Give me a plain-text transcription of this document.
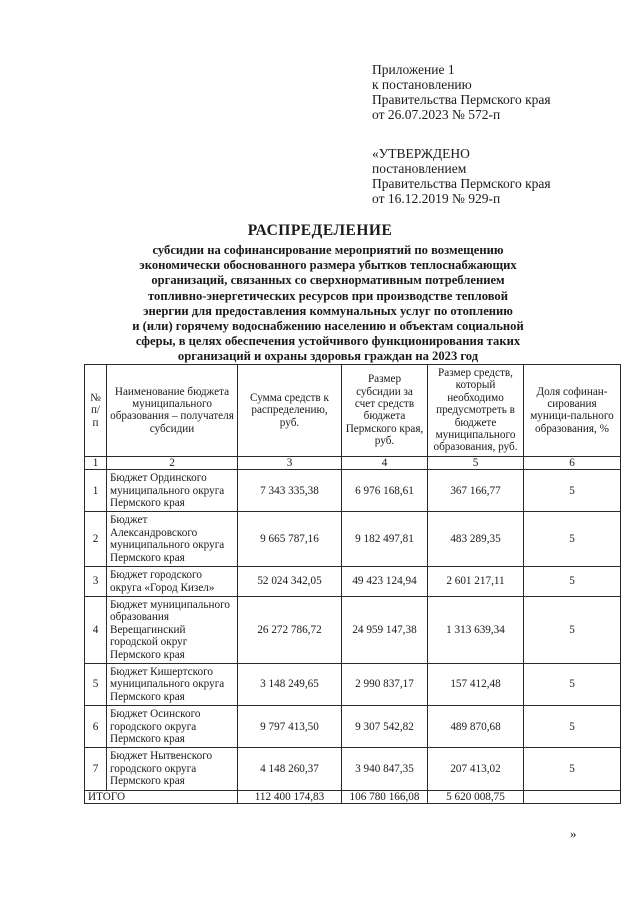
Приложение 1
к постановлению
Правительства Пермского края
от 26.07.2023 № 572-п
«УТВЕРЖДЕНО
постановлением
Правительства Пермского края
от 16.12.2019 № 929-п
РАСПРЕДЕЛЕНИЕ
субсидии на софинансирование мероприятий по возмещению
экономически обоснованного размера убытков теплоснабжающих
организаций, связанных со сверхнормативным потреблением
топливно-энергетических ресурсов при производстве тепловой
энергии для предоставления коммунальных услуг по отоплению
и (или) горячему водоснабжению населению и объектам социальной
сферы, в целях обеспечения устойчивого функционирования таких
организаций и охраны здоровья граждан на 2023 год
№ п/п	Наименование бюджета муниципального образования – получателя субсидии	Сумма средств к распределению, руб.	Размер субсидии за счет средств бюджета Пермского края, руб.	Размер средств, который необходимо предусмотреть в бюджете муниципального образования, руб.	Доля софинан-сирования муници-пального образования, %
1	2	3	4	5	6
1	Бюджет Ординского муниципального округа Пермского края	7 343 335,38	6 976 168,61	367 166,77	5
2	Бюджет Александровского муниципального округа Пермского края	9 665 787,16	9 182 497,81	483 289,35	5
3	Бюджет городского округа «Город Кизел»	52 024 342,05	49 423 124,94	2 601 217,11	5
4	Бюджет муниципального образования Верещагинский городской округ Пермского края	26 272 786,72	24 959 147,38	1 313 639,34	5
5	Бюджет Кишертского муниципального округа Пермского края	3 148 249,65	2 990 837,17	157 412,48	5
6	Бюджет Осинского городского округа Пермского края	9 797 413,50	9 307 542,82	489 870,68	5
7	Бюджет Нытвенского городского округа Пермского края	4 148 260,37	3 940 847,35	207 413,02	5
ИТОГО		112 400 174,83	106 780 166,08	5 620 008,75	
»
